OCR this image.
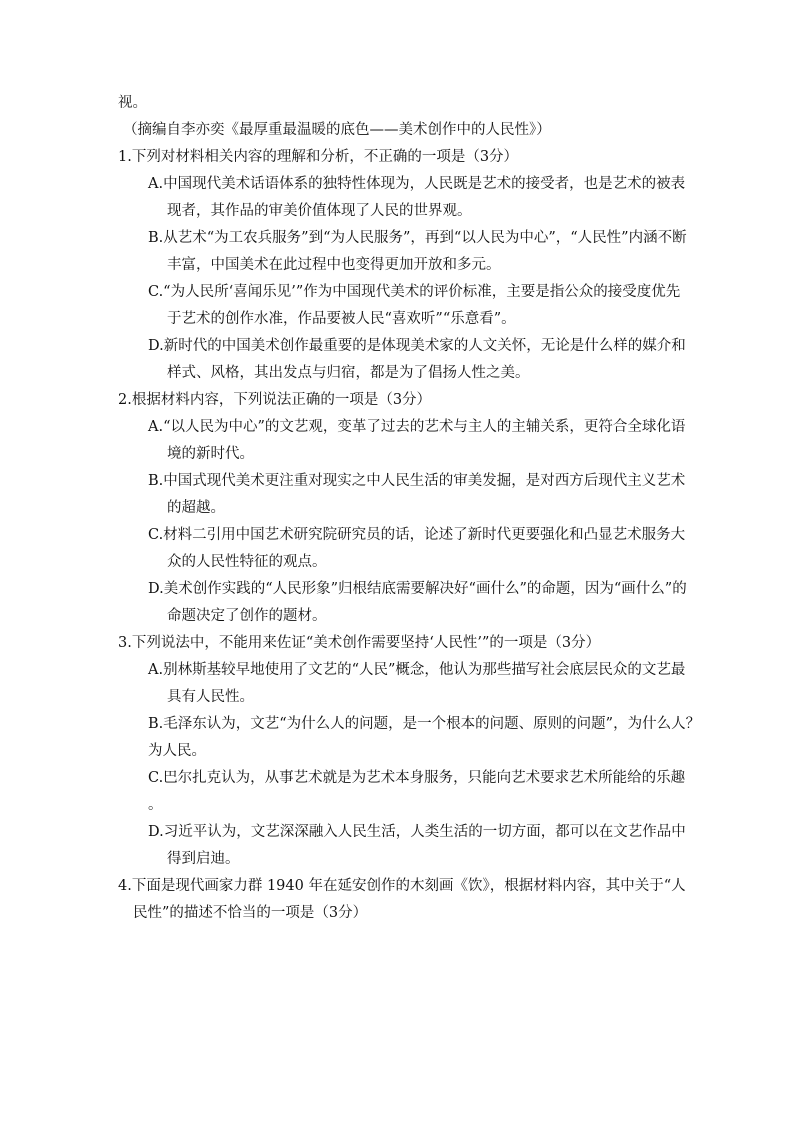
视。
（摘编自李亦奕《最厚重最温暖的底色——美术创作中的人民性》）
1.下列对材料相关内容的理解和分析，不正确的一项是（3分）
A.中国现代美术话语体系的独特性体现为，人民既是艺术的接受者，也是艺术的被表
现者，其作品的审美价值体现了人民的世界观。
B.从艺术“为工农兵服务”到“为人民服务”，再到“以人民为中心”，“人民性”内涵不断
丰富，中国美术在此过程中也变得更加开放和多元。
C.“为人民所‘喜闻乐见’”作为中国现代美术的评价标准，主要是指公众的接受度优先
于艺术的创作水准，作品要被人民“喜欢听”“乐意看”。
D.新时代的中国美术创作最重要的是体现美术家的人文关怀，无论是什么样的媒介和
样式、风格，其出发点与归宿，都是为了倡扬人性之美。
2.根据材料内容，下列说法正确的一项是（3分）
A.“以人民为中心”的文艺观，变革了过去的艺术与主人的主辅关系，更符合全球化语
境的新时代。
B.中国式现代美术更注重对现实之中人民生活的审美发掘，是对西方后现代主义艺术
的超越。
C.材料二引用中国艺术研究院研究员的话，论述了新时代更要强化和凸显艺术服务大
众的人民性特征的观点。
D.美术创作实践的“人民形象”归根结底需要解决好“画什么”的命题，因为“画什么”的
命题决定了创作的题材。
3.下列说法中，不能用来佐证“美术创作需要坚持‘人民性’”的一项是（3分）
A.别林斯基较早地使用了文艺的“人民”概念，他认为那些描写社会底层民众的文艺最
具有人民性。
B.毛泽东认为，文艺“为什么人的问题，是一个根本的问题、原则的问题”，为什么人？
为人民。
C.巴尔扎克认为，从事艺术就是为艺术本身服务，只能向艺术要求艺术所能给的乐趣
。
D.习近平认为，文艺深深融入人民生活，人类生活的一切方面，都可以在文艺作品中
得到启迪。
4.下面是现代画家力群 1940 年在延安创作的木刻画《饮》，根据材料内容，其中关于“人
民性”的描述不恰当的一项是（3分）
